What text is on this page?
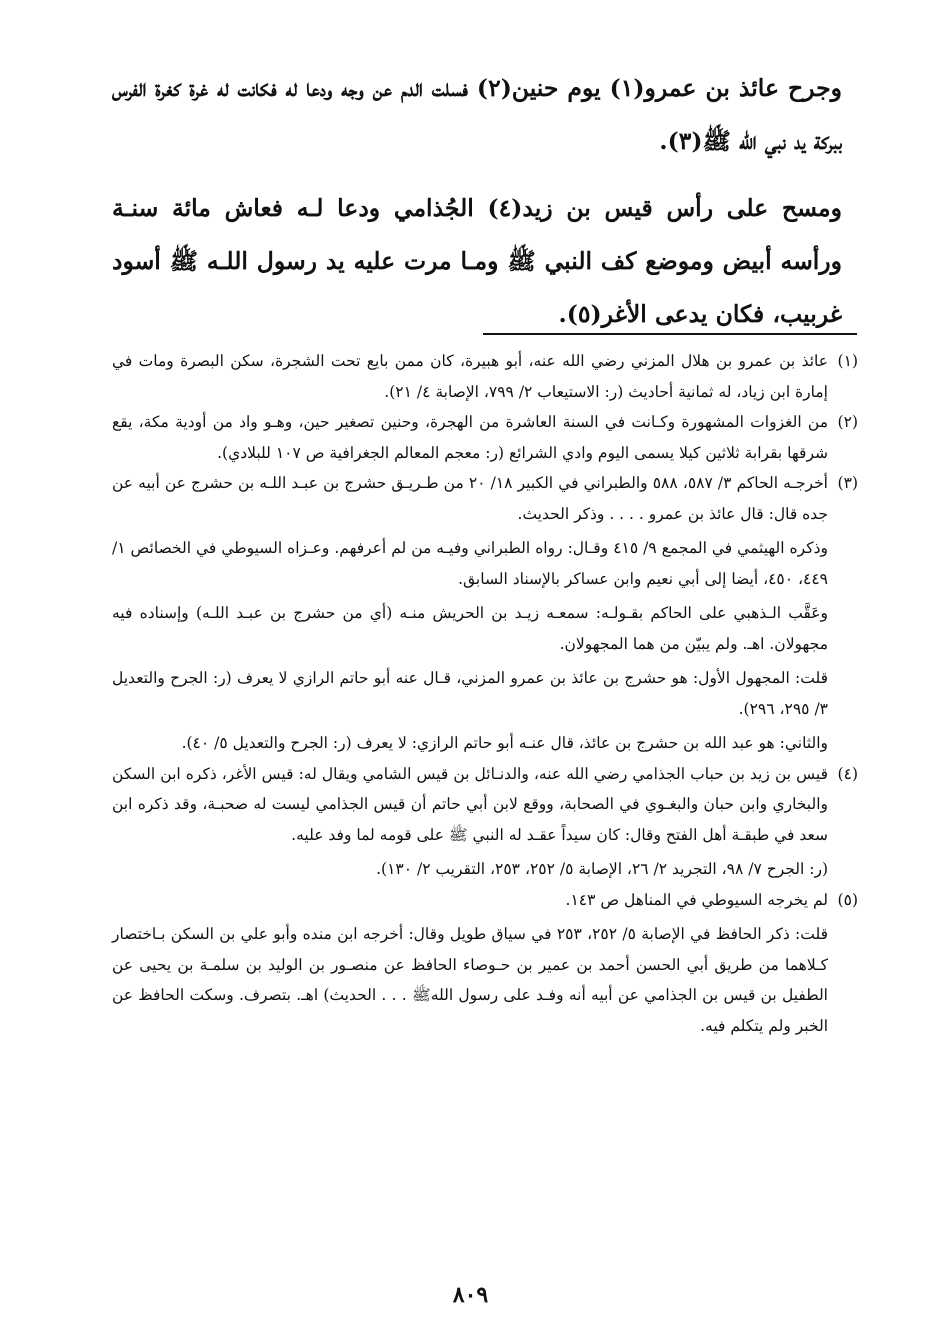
وجرح عائذ بن عمرو(١) يوم حنين(٢) فسلت الدم عن وجه ودعا له فكانت له غرة كغرة الفرس ببركة يد نبي الله ﷺ(٣).

ومسح على رأس قيس بن زيد(٤) الجُذامي ودعا لـه فعاش مائة سنـة ورأسه أبيض وموضع كف النبي ﷺ ومـا مرت عليه يد رسول اللـه ﷺ أسود غربيب، فكان يدعى الأغر(٥).

(١)

عائذ بن عمرو بن هلال المزني رضي الله عنه، أبو هبيرة، كان ممن بايع تحت الشجرة، سكن البصرة ومات في إمارة ابن زياد، له ثمانية أحاديث (ر: الاستيعاب ٢/ ٧٩٩، الإصابة ٤/ ٢١).

(٢)

من الغزوات المشهورة وكـانت في السنة العاشرة من الهجرة، وحنين تصغير حين، وهـو واد من أودية مكة، يقع شرقها بقرابة ثلاثين كيلا يسمى اليوم وادي الشرائع (ر: معجم المعالم الجغرافية ص ١٠٧ للبلادي).

(٣)

أخرجـه الحاكم ٣/ ٥٨٧، ٥٨٨ والطبراني في الكبير ١٨/ ٢٠ من طـريـق حشرج بن عبـد اللـه بن حشرج عن أبيه عن جده قال: قال عائذ بن عمرو . . . . وذكر الحديث.

وذكره الهيثمي في المجمع ٩/ ٤١٥ وقـال: رواه الطبراني وفيـه من لم أعرفهم. وعـزاه السيوطي في الخصائص ١/ ٤٤٩، ٤٥٠، أيضا إلى أبي نعيم وابن عساكر بالإسناد السابق.

وعَقَّب الـذهبي على الحاكم بقـولـه: سمعـه زيـد بن الحريش منـه (أي من حشرج بن عبـد اللـه) وإسناده فيه مجهولان. اهـ. ولم يبيّن من هما المجهولان.

قلت: المجهول الأول: هو حشرج بن عائذ بن عمرو المزني، قـال عنه أبو حاتم الرازي لا يعرف (ر: الجرح والتعديل ٣/ ٢٩٥، ٢٩٦).

والثاني: هو عبد الله بن حشرج بن عائذ، قال عنـه أبو حاتم الرازي: لا يعرف (ر: الجرح والتعديل ٥/ ٤٠).

(٤)

قيس بن زيد بن حباب الجذامي رضي الله عنه، والدنـائل بن قيس الشامي ويقال له: قيس الأغر، ذكره ابن السكن والبخاري وابن حبان والبغـوي في الصحابة، ووقع لابن أبي حاتم أن قيس الجذامي ليست له صحبـة، وقد ذكره ابن سعد في طبقـة أهل الفتح وقال: كان سيداً عقـد له النبي ﷺ على قومه لما وفد عليه.

(ر: الجرح ٧/ ٩٨، التجريد ٢/ ٢٦، الإصابة ٥/ ٢٥٢، ٢٥٣، التقريب ٢/ ١٣٠).

(٥)

لم يخرجه السيوطي في المناهل ص ١٤٣.

قلت: ذكر الحافظ في الإصابة ٥/ ٢٥٢، ٢٥٣ في سياق طويل وقال: أخرجه ابن منده وأبو علي بن السكن بـاختصار كـلاهما من طريق أبي الحسن أحمد بن عمير بن حـوصاء الحافظ عن منصـور بن الوليد بن سلمـة بن يحيى عن الطفيل بن قيس بن الجذامي عن أبيه أنه وفـد على رسول اللهﷺ . . . الحديث) اهـ. بتصرف. وسكت الحافظ عن الخبر ولم يتكلم فيه.

٨٠٩
